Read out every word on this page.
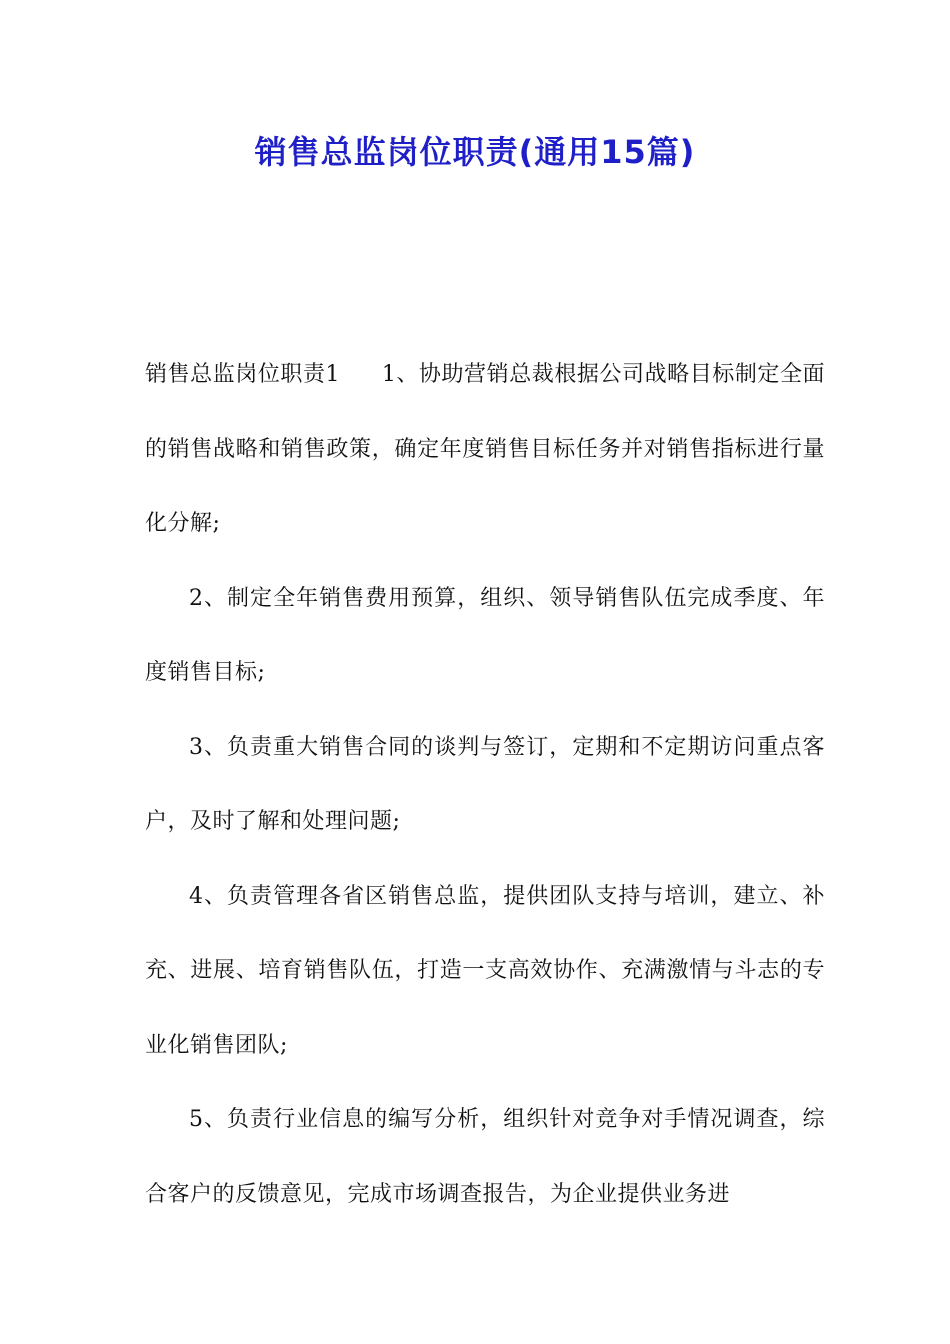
销售总监岗位职责(通用15篇)

销售总监岗位职责1 1、协助营销总裁根据公司战略目标制定全面的销售战略和销售政策，确定年度销售目标任务并对销售指标进行量化分解;

2、制定全年销售费用预算，组织、领导销售队伍完成季度、年度销售目标;

3、负责重大销售合同的谈判与签订，定期和不定期访问重点客户，及时了解和处理问题;

4、负责管理各省区销售总监，提供团队支持与培训，建立、补充、进展、培育销售队伍，打造一支高效协作、充满激情与斗志的专业化销售团队;

5、负责行业信息的编写分析，组织针对竞争对手情况调查，综合客户的反馈意见，完成市场调查报告，为企业提供业务进
